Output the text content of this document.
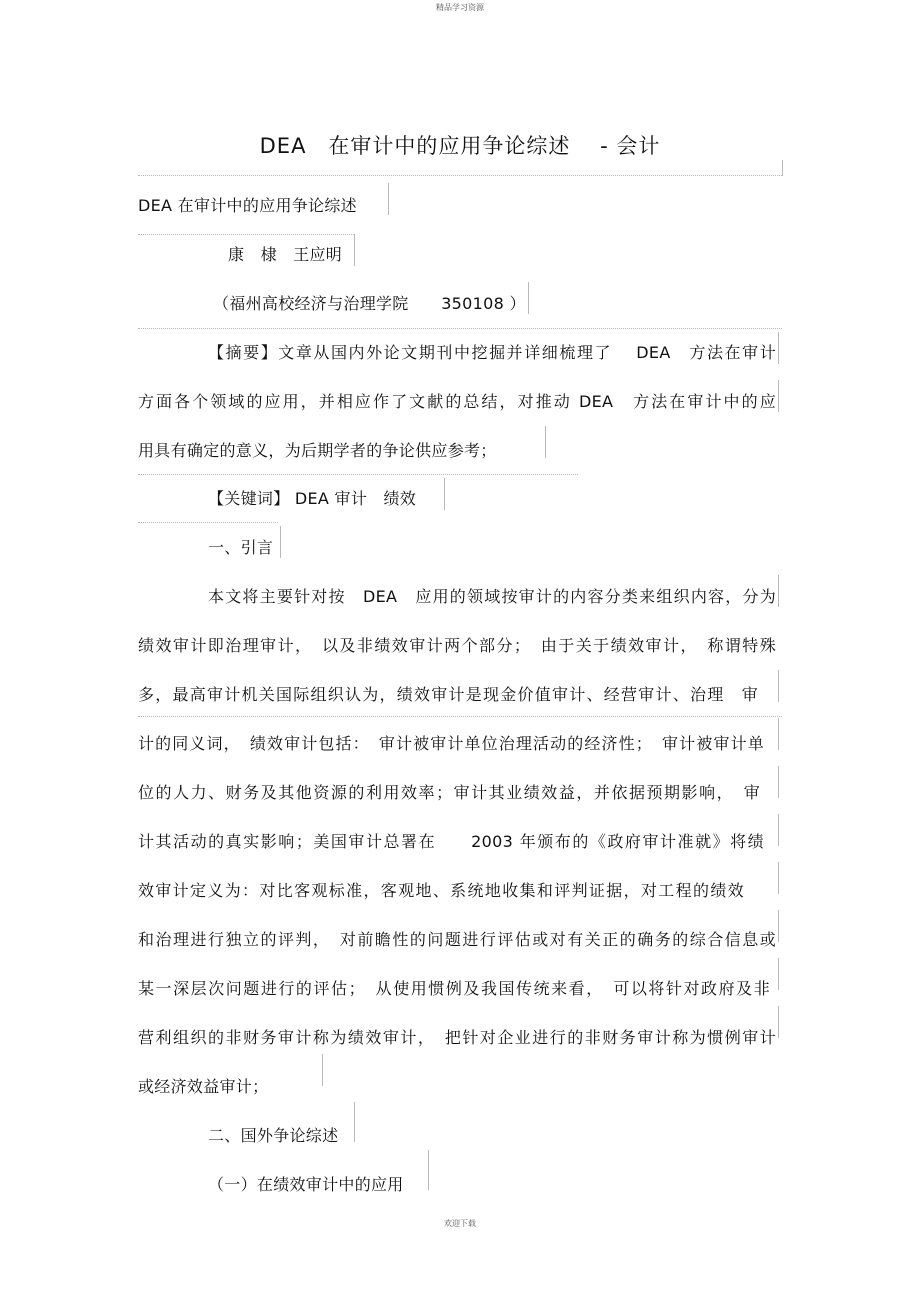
精品学习资源
欢迎下载
DEA　在审计中的应用争论综述　 - 会计
DEA 在审计中的应用争论综述
康　棣　王应明
（福州高校经济与治理学院　　350108 ）
【摘要】文章从国内外论文期刊中挖掘并详细梳理了　 DEA　方法在审计
方面各个领域的应用，并相应作了文献的总结，对推动 DEA　方法在审计中的应
用具有确定的意义，为后期学者的争论供应参考；
【关键词】 DEA 审计　绩效
一、引言
本文将主要针对按　DEA　应用的领域按审计的内容分类来组织内容，分为
绩效审计即治理审计，　以及非绩效审计两个部分；　由于关于绩效审计，　称谓特殊
多，最高审计机关国际组织认为，绩效审计是现金价值审计、经营审计、治理　审
计的同义词，　绩效审计包括：　审计被审计单位治理活动的经济性；　审计被审计单
位的人力、财务及其他资源的利用效率；审计其业绩效益，并依据预期影响，　审
计其活动的真实影响；美国审计总署在　　2003 年颁布的《政府审计准就》将绩
效审计定义为：对比客观标准，客观地、系统地收集和评判证据，对工程的绩效
和治理进行独立的评判，　对前瞻性的问题进行评估或对有关正的确务的综合信息或
某一深层次问题进行的评估；　从使用惯例及我国传统来看，　可以将针对政府及非
营利组织的非财务审计称为绩效审计，　把针对企业进行的非财务审计称为惯例审计
或经济效益审计；
二、国外争论综述
（一）在绩效审计中的应用
